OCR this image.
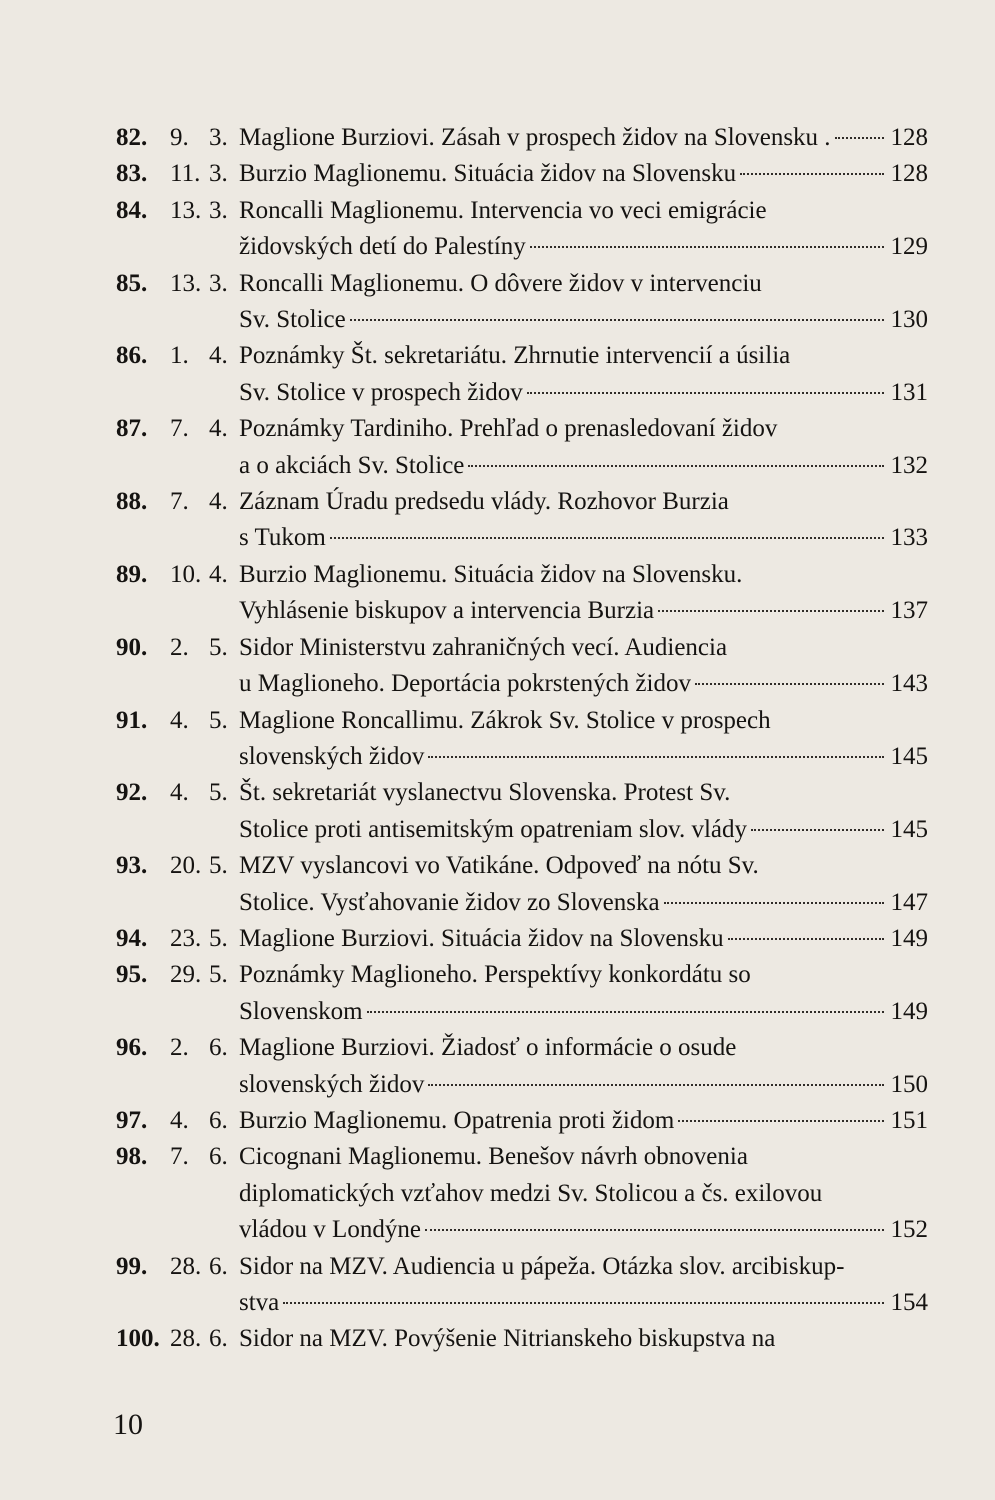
82. 9. 3. Maglione Burziovi. Zásah v prospech židov na Slovensku . 128
83. 11. 3. Burzio Maglionemu. Situácia židov na Slovensku	128
84. 13. 3. Roncalli Maglionemu. Intervencia vo veci emigrácie
židovských detí do Palestíny	129
85. 13. 3. Roncalli Maglionemu. O dôvere židov v intervenciu
Sv. Stolice	130
86. 1. 4. Poznámky Št. sekretariátu. Zhrnutie intervencií a úsilia
Sv. Stolice v prospech židov	131
87. 7. 4. Poznámky Tardiniho. Prehľad o prenasledovaní židov
a o akciách Sv. Stolice	132
88. 7. 4. Záznam Úradu predsedu vlády. Rozhovor Burzia
s Tukom	133
89. 10. 4. Burzio Maglionemu. Situácia židov na Slovensku.
Vyhlásenie biskupov a intervencia Burzia	137
90. 2. 5. Sidor Ministerstvu zahraničných vecí. Audiencia
u Maglioneho. Deportácia pokrstených židov	143
91. 4. 5. Maglione Roncallimu. Zákrok Sv. Stolice v prospech
slovenských židov	145
92. 4. 5. Št. sekretariát vyslanectvu Slovenska. Protest Sv.
Stolice proti antisemitským opatreniam slov. vlády	145
93. 20. 5. MZV vyslancovi vo Vatikáne. Odpoveď na nótu Sv.
Stolice. Vysťahovanie židov zo Slovenska	147
94. 23. 5. Maglione Burziovi. Situácia židov na Slovensku	149
95. 29. 5. Poznámky Maglioneho. Perspektívy konkordátu so
Slovenskom	149
96. 2. 6. Maglione Burziovi. Žiadosť o informácie o osude
slovenských židov	150
97. 4. 6. Burzio Maglionemu. Opatrenia proti židom	151
98. 7. 6. Cicognani Maglionemu. Benešov návrh obnovenia
diplomatických vzťahov medzi Sv. Stolicou a čs. exilovou
vládou v Londýne	152
99. 28. 6. Sidor na MZV. Audiencia u pápeža. Otázka slov. arcibiskup-
stva	154
100. 28. 6. Sidor na MZV. Povýšenie Nitrianskeho biskupstva na
10
